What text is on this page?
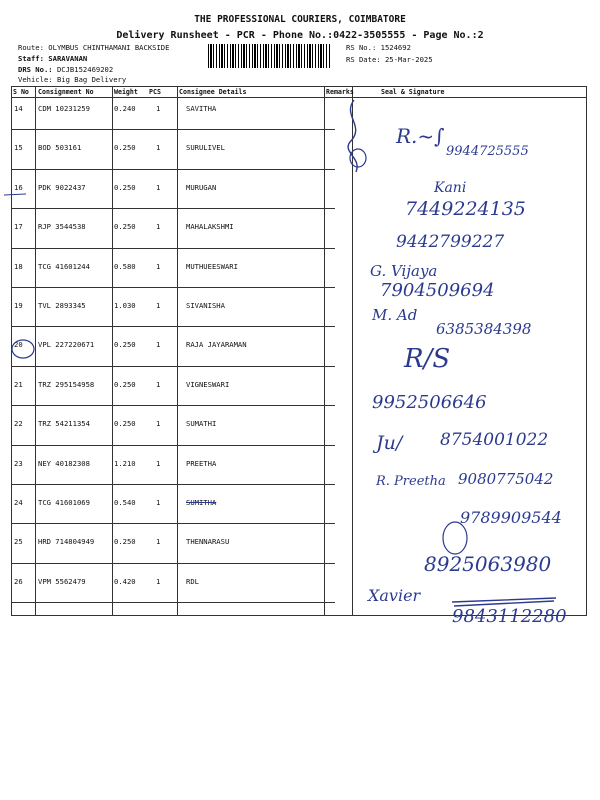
THE PROFESSIONAL COURIERS, COIMBATORE
Delivery Runsheet - PCR - Phone No.:0422-3505555 - Page No.:2
Route: OLYMBUS CHINTHAMANI BACKSIDE
Staff: SARAVANAN
DRS No.: DCJB152469202
Vehicle: Big Bag Delivery
RS No.: 1524692
RS Date: 25-Mar-2025
S No Consignment No	Weight PCS	Consignee Details	Remarks	Seal & Signature
14 CDM 10231259	0.240	1	SAVITHA
15 BOD 503161	0.250	1	SURULIVEL
16 PDK 9022437	0.250	1	MURUGAN
17 RJP 3544538	0.250	1	MAHALAKSHMI
18 TCG 41601244	0.580	1	MUTHUEESWARI
19 TVL 2893345	1.030	1	SIVANISHA
20 VPL 227220671	0.250	1	RAJA JAYARAMAN
21 TRZ 295154958	0.250	1	VIGNESWARI
22 TRZ 54211354	0.250	1	SUMATHI
23 NEY 40182308	1.210	1	PREETHA
24 TCG 41601069	0.540	1	SUMITHA
25 HRD 714804949	0.250	1	THENNARASU
26 VPM 5562479	0.420	1	RDL
R.~∫
9944725555
Kani
7449224135
9442799227
G. Vijaya
7904509694
M. Ad
6385384398
R/S
9952506646
Ju/ 8754001022
R. Preetha 9080775042
9789909544
8925063980
Xavier
9843112280
